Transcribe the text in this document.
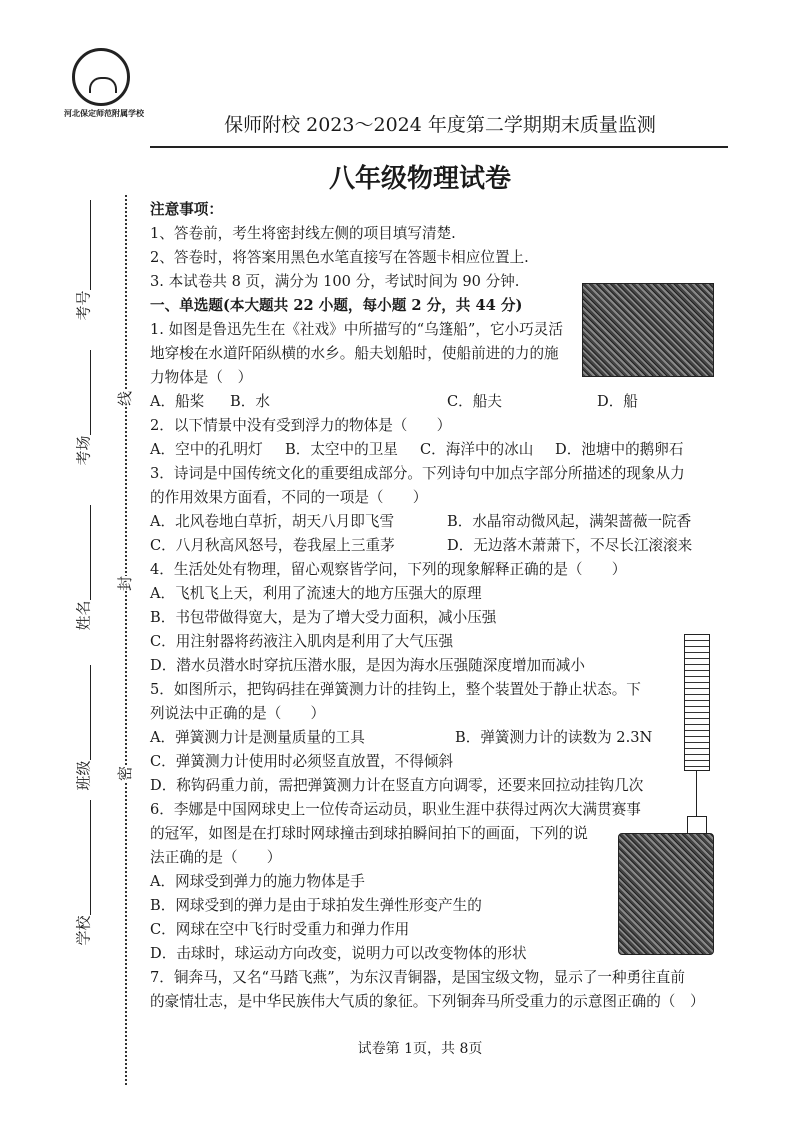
河北保定师范附属学校
线
封
密
考号
考场
姓名
班级
学校
保师附校 2023～2024 年度第二学期期末质量监测
八年级物理试卷
注意事项：
1、答卷前，考生将密封线左侧的项目填写清楚.
2、答卷时，将答案用黑色水笔直接写在答题卡相应位置上.
3. 本试卷共 8 页，满分为 100 分，考试时间为 90 分钟.
一、单选题(本大题共 22 小题，每小题 2 分，共 44 分)
1. 如图是鲁迅先生在《社戏》中所描写的“乌篷船”，它小巧灵活
地穿梭在水道阡陌纵横的水乡。船夫划船时，使船前进的力的施
力物体是（　）
A．船桨 B．水	C．船夫	D．船
2．以下情景中没有受到浮力的物体是（　　）
A．空中的孔明灯 B．太空中的卫星 C．海洋中的冰山 D．池塘中的鹅卵石
3．诗词是中国传统文化的重要组成部分。下列诗句中加点字部分所描述的现象从力
的作用效果方面看，不同的一项是（　　）
A．北风卷地白草折，胡天八月即飞雪	B．水晶帘动微风起，满架蔷薇一院香
C．八月秋高风怒号，卷我屋上三重茅	D．无边落木萧萧下，不尽长江滚滚来
4．生活处处有物理，留心观察皆学问，下列的现象解释正确的是（　　）
A．飞机飞上天，利用了流速大的地方压强大的原理
B．书包带做得宽大，是为了增大受力面积，减小压强
C．用注射器将药液注入肌肉是利用了大气压强
D．潜水员潜水时穿抗压潜水服，是因为海水压强随深度增加而减小
5．如图所示，把钩码挂在弹簧测力计的挂钩上，整个装置处于静止状态。下
列说法中正确的是（　　）
A．弹簧测力计是测量质量的工具	B．弹簧测力计的读数为 2.3N
C．弹簧测力计使用时必须竖直放置，不得倾斜
D．称钩码重力前，需把弹簧测力计在竖直方向调零，还要来回拉动挂钩几次
6．李娜是中国网球史上一位传奇运动员，职业生涯中获得过两次大满贯赛事
的冠军，如图是在打球时网球撞击到球拍瞬间拍下的画面，下列的说
法正确的是（　　）
A．网球受到弹力的施力物体是手
B．网球受到的弹力是由于球拍发生弹性形变产生的
C．网球在空中飞行时受重力和弹力作用
D．击球时，球运动方向改变，说明力可以改变物体的形状
7．铜奔马，又名“马踏飞燕”，为东汉青铜器，是国宝级文物，显示了一种勇往直前
的豪情壮志，是中华民族伟大气质的象征。下列铜奔马所受重力的示意图正确的（　）
试卷第 1页，共 8页
